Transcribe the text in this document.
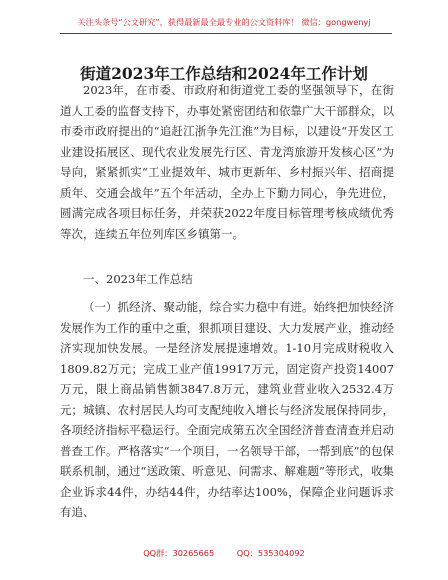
关注头条号“公文研究”，获得最新最全最专业的公文资料库！ 微信：gongwenyj
街道2023年工作总结和2024年工作计划

2023年，在市委、市政府和街道党工委的坚强领导下，在街道人工委的监督支持下，办事处紧密团结和依靠广大干部群众，以市委市政府提出的“追赶江浙争先江淮”为目标，以建设“开发区工业建设拓展区、现代农业发展先行区、青龙湾旅游开发核心区”为导向，紧紧抓实“工业提效年、城市更新年、乡村振兴年、招商提质年、交通会战年”五个年活动，全办上下勤力同心，争先进位，圆满完成各项目标任务，并荣获2022年度目标管理考核成绩优秀等次，连续五年位列库区乡镇第一。

一、2023年工作总结

（一）抓经济、聚动能，综合实力稳中有进。始终把加快经济发展作为工作的重中之重，狠抓项目建设、大力发展产业，推动经济实现加快发展。一是经济发展提速增效。1-10月完成财税收入1809.82万元；完成工业产值19917万元，固定资产投资14007万元，限上商品销售额3847.8万元，建筑业营业收入2532.4万元；城镇、农村居民人均可支配纯收入增长与经济发展保持同步，各项经济指标平稳运行。全面完成第五次全国经济普查清查并启动普查工作。严格落实“一个项目，一名领导干部，一帮到底”的包保联系机制，通过“送政策、听意见、问需求、解难题”等形式，收集企业诉求44件，办结44件，办结率达100%，保障企业问题诉求有追、

QQ群：30265665	QQ：535304092
